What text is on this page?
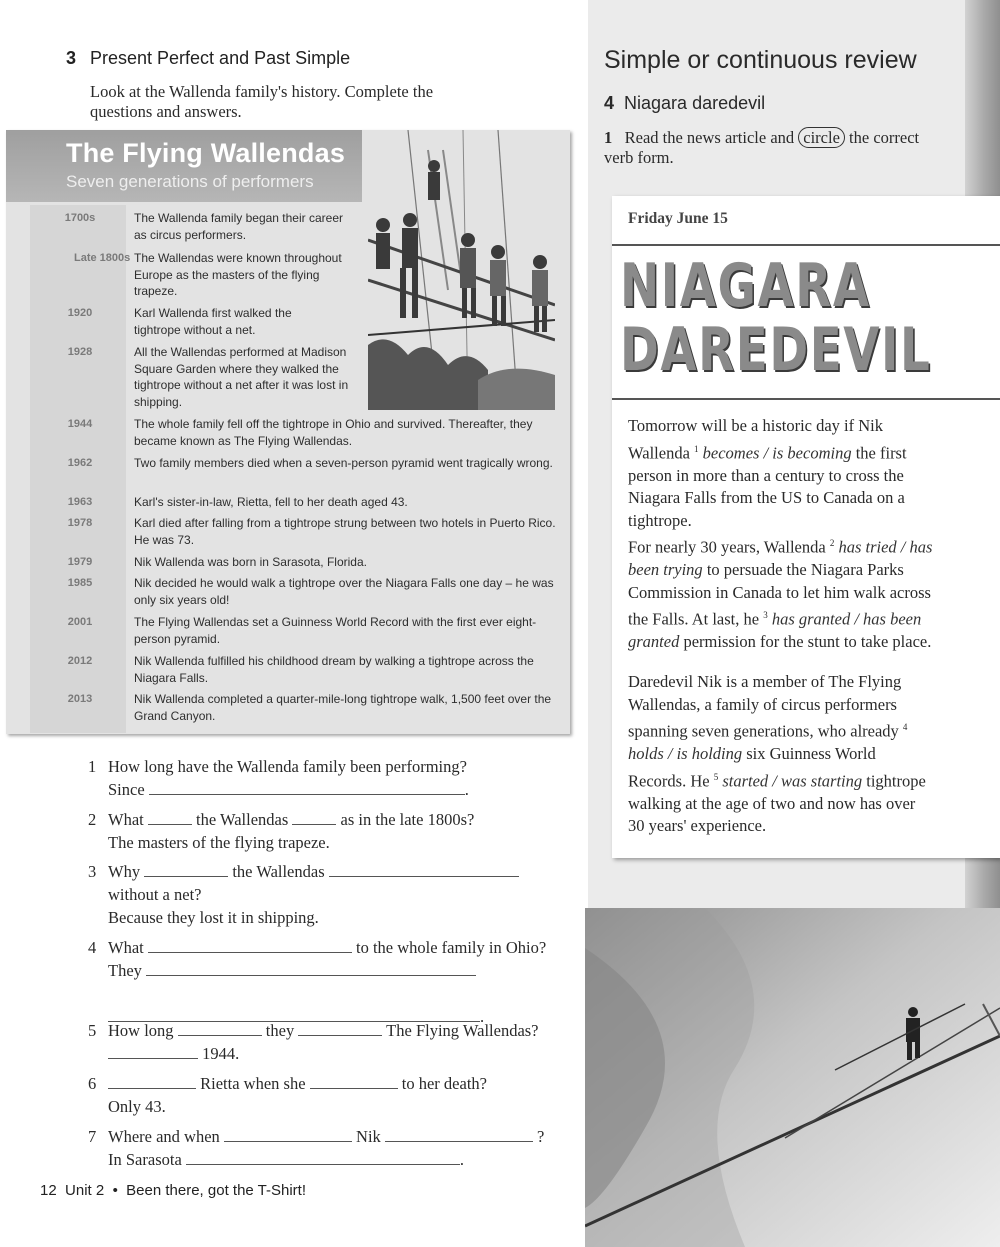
3 Present Perfect and Past Simple
Look at the Wallenda family's history. Complete the questions and answers.
The Flying Wallendas
Seven generations of performers
1700s	The Wallenda family began their career as circus performers.
Late 1800s The Wallendas were known throughout Europe as the masters of the flying trapeze.
1920	Karl Wallenda first walked the tightrope without a net.
1928	All the Wallendas performed at Madison Square Garden where they walked the tightrope without a net after it was lost in shipping.
1944	The whole family fell off the tightrope in Ohio and survived. Thereafter, they became known as The Flying Wallendas.
1962	Two family members died when a seven-person pyramid went tragically wrong.
1963	Karl's sister-in-law, Rietta, fell to her death aged 43.
1978	Karl died after falling from a tightrope strung between two hotels in Puerto Rico. He was 73.
1979	Nik Wallenda was born in Sarasota, Florida.
1985	Nik decided he would walk a tightrope over the Niagara Falls one day – he was only six years old!
2001	The Flying Wallendas set a Guinness World Record with the first ever eight-person pyramid.
2012	Nik Wallenda fulfilled his childhood dream by walking a tightrope across the Niagara Falls.
2013	Nik Wallenda completed a quarter-mile-long tightrope walk, 1,500 feet over the Grand Canyon.
1 How long have the Wallenda family been performing?
Since	.
2 What	the Wallendas	as in the late 1800s?
The masters of the flying trapeze.
3 Why	the Wallendas
without a net?
Because they lost it in shipping.
4 What	to the whole family in Ohio?
They

.
5 How long	they	The Flying Wallendas?
1944.
6	Rietta when she	to her death?
Only 43.
7 Where and when	Nik	?
In Sarasota	.
12 Unit 2 • Been there, got the T-Shirt!
Simple or continuous review
4 Niagara daredevil
1 Read the news article and circle the correct verb form.
Friday June 15
NIAGARA
DAREDEVIL
Tomorrow will be a historic day if Nik Wallenda $^1$ becomes / is becoming the first person in more than a century to cross the Niagara Falls from the US to Canada on a tightrope.
For nearly 30 years, Wallenda $^2$ has tried / has been trying to persuade the Niagara Parks Commission in Canada to let him walk across the Falls. At last, he $^3$ has granted / has been granted permission for the stunt to take place.
Daredevil Nik is a member of The Flying Wallendas, a family of circus performers spanning seven generations, who already $^4$ holds / is holding six Guinness World Records. He $^5$ started / was starting tightrope walking at the age of two and now has over 30 years' experience.
